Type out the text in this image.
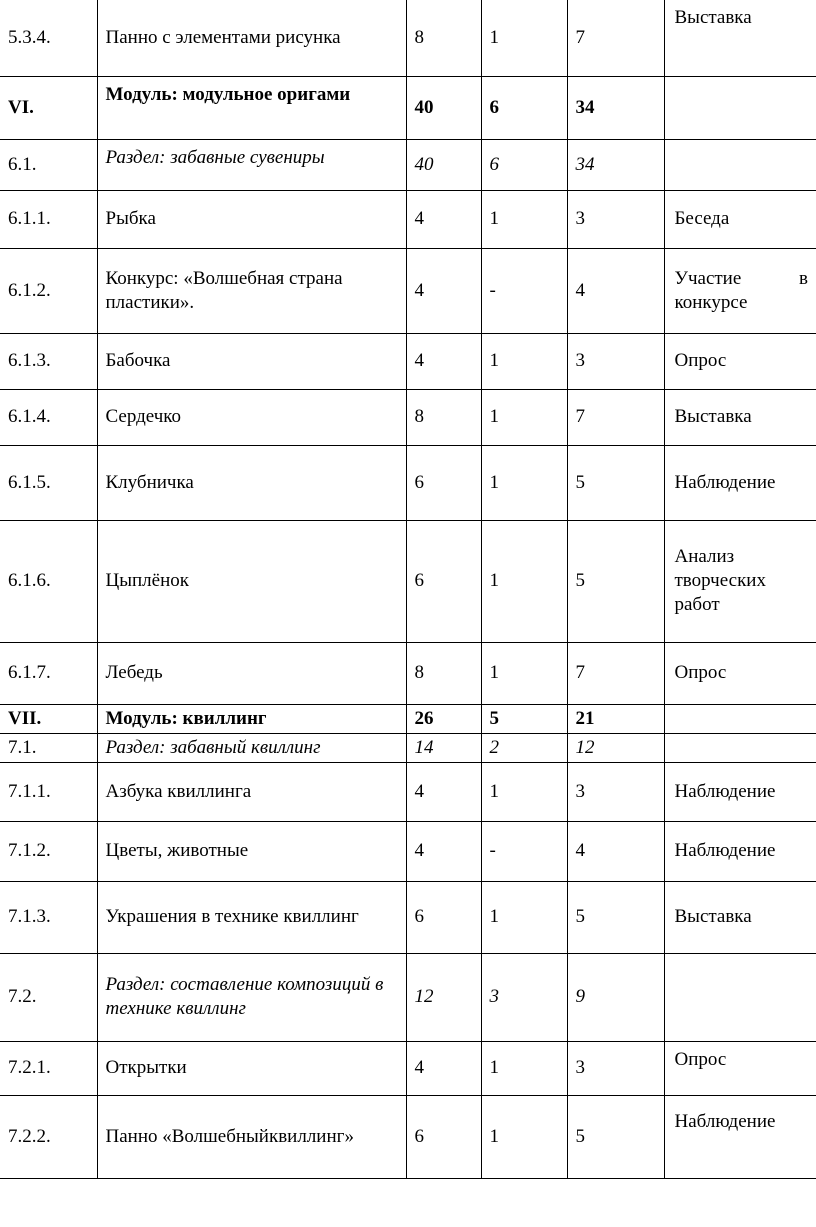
5.3.4.	Панно с элементами рисунка	8	1	7	Выставка
VI.	Модуль: модульное оригами	40	6	34	
6.1.	Раздел: забавные сувениры	40	6	34	
6.1.1.	Рыбка	4	1	3	Беседа
6.1.2.	Конкурс: «Волшебная страна пластики».	4	-	4	Участие в конкурсе

6.1.3.	Бабочка	4	1	3	Опрос
6.1.4.	Сердечко	8	1	7	Выставка
6.1.5.	Клубничка	6	1	5	Наблюдение
6.1.6.	Цыплёнок	6	1	5	Анализ творческих работ
6.1.7.	Лебедь	8	1	7	Опрос
VII.	Модуль: квиллинг	26	5	21	
7.1.	Раздел: забавный квиллинг	14	2	12	
7.1.1.	Азбука квиллинга	4	1	3	Наблюдение
7.1.2.	Цветы, животные	4	-	4	Наблюдение
7.1.3.	Украшения в технике квиллинг	6	1	5	Выставка
7.2.	Раздел: составление композиций в технике квиллинг	12	3	9	
7.2.1.	Открытки	4	1	3	Опрос
7.2.2.	Панно «Волшебныйквиллинг»	6	1	5	Наблюдение
